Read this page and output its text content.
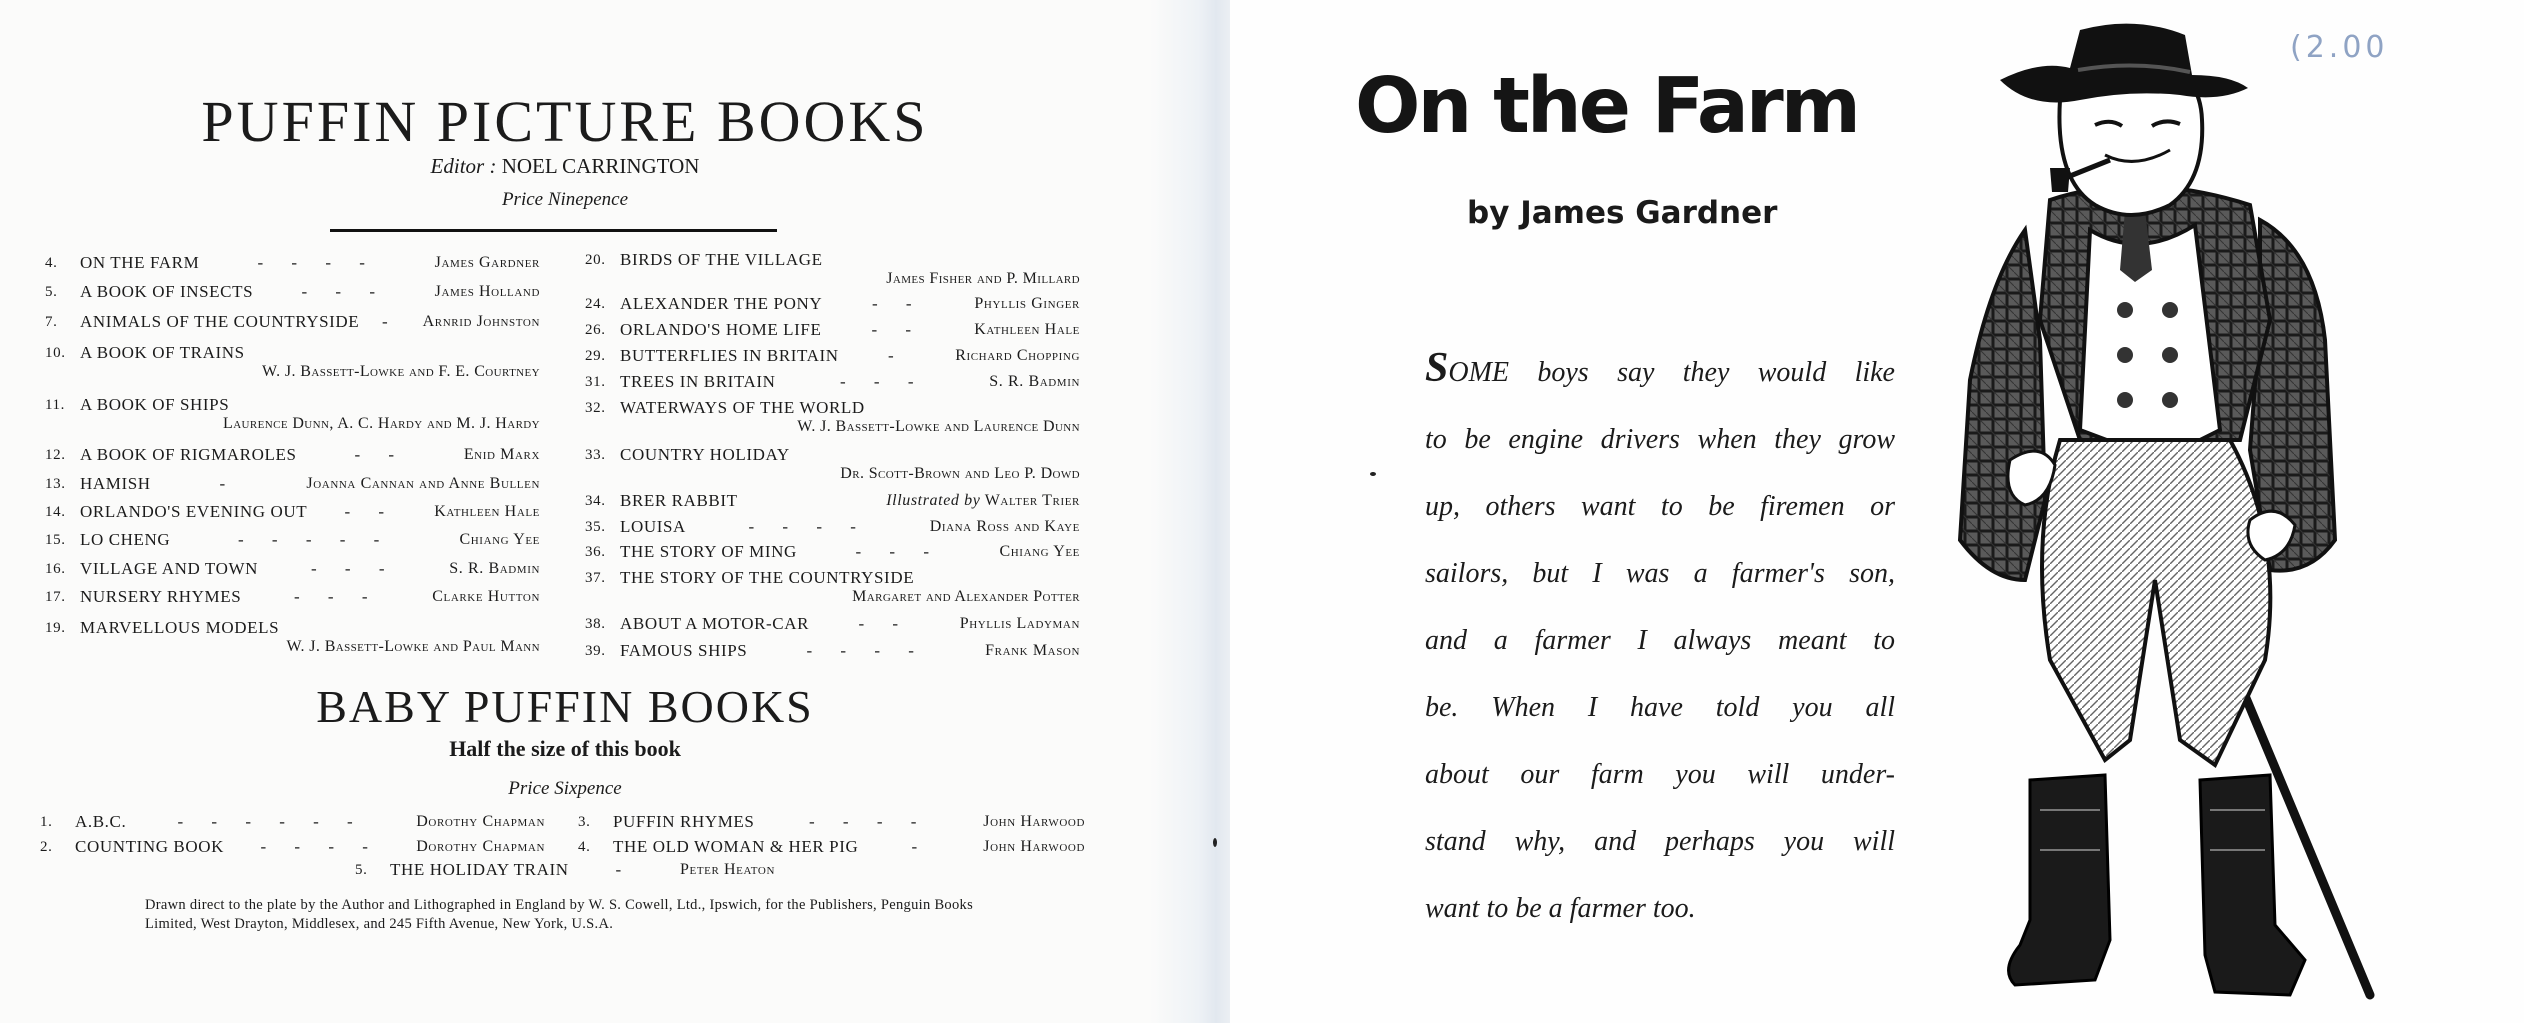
PUFFIN PICTURE BOOKS
Editor : NOEL CARRINGTON
Price Ninepence
4.	ON THE FARM	- - - -	James Gardner
5.	A BOOK OF INSECTS	- - -	James Holland
7.	ANIMALS OF THE COUNTRYSIDE - Arnrid Johnston
10. A BOOK OF TRAINS
W. J. Bassett-Lowke and F. E. Courtney
11. A BOOK OF SHIPS
Laurence Dunn, A. C. Hardy and M. J. Hardy
12. A BOOK OF RIGMAROLES	- -	Enid Marx
13. HAMISH	-	Joanna Cannan and Anne Bullen
14. ORLANDO'S EVENING OUT - - Kathleen Hale
15. LO CHENG	- - - - -	Chiang Yee
16. VILLAGE AND TOWN	- - -	S. R. Badmin
17. NURSERY RHYMES	- - -	Clarke Hutton
19. MARVELLOUS MODELS
W. J. Bassett-Lowke and Paul Mann
20. BIRDS OF THE VILLAGE
James Fisher and P. Millard
24. ALEXANDER THE PONY	- -	Phyllis Ginger
26. ORLANDO'S HOME LIFE	- -	Kathleen Hale
29. BUTTERFLIES IN BRITAIN	-	Richard Chopping
31. TREES IN BRITAIN	- - -	S. R. Badmin
32. WATERWAYS OF THE WORLD
W. J. Bassett-Lowke and Laurence Dunn
33. COUNTRY HOLIDAY
Dr. Scott-Brown and Leo P. Dowd
34. BRER RABBIT	Illustrated by Walter Trier
35. LOUISA	- - - -	Diana Ross and Kaye
36. THE STORY OF MING	- - -	Chiang Yee
37. THE STORY OF THE COUNTRYSIDE
Margaret and Alexander Potter
38. ABOUT A MOTOR-CAR	- -	Phyllis Ladyman
39. FAMOUS SHIPS	- - - -	Frank Mason
BABY PUFFIN BOOKS
Half the size of this book
Price Sixpence
1.	A.B.C.	- - - - - -	Dorothy Chapman
2.	COUNTING BOOK - - - - Dorothy Chapman
3.	PUFFIN RHYMES	- - - -	John Harwood
4.	THE OLD WOMAN & HER PIG	-	John Harwood
5.	THE HOLIDAY TRAIN	-	Peter Heaton
Drawn direct to the plate by the Author and Lithographed in England by W. S. Cowell, Ltd., Ipswich, for the Publishers, Penguin Books Limited, West Drayton, Middlesex, and 245 Fifth Avenue, New York, U.S.A.
On the Farm
by James Gardner
(2.00
SOME boys say they would like
to be engine drivers when they grow
up, others want to be firemen or
sailors, but I was a farmer's son,
and a farmer I always meant to
be. When I have told you all
about our farm you will under-
stand why, and perhaps you will
want to be a farmer too.
